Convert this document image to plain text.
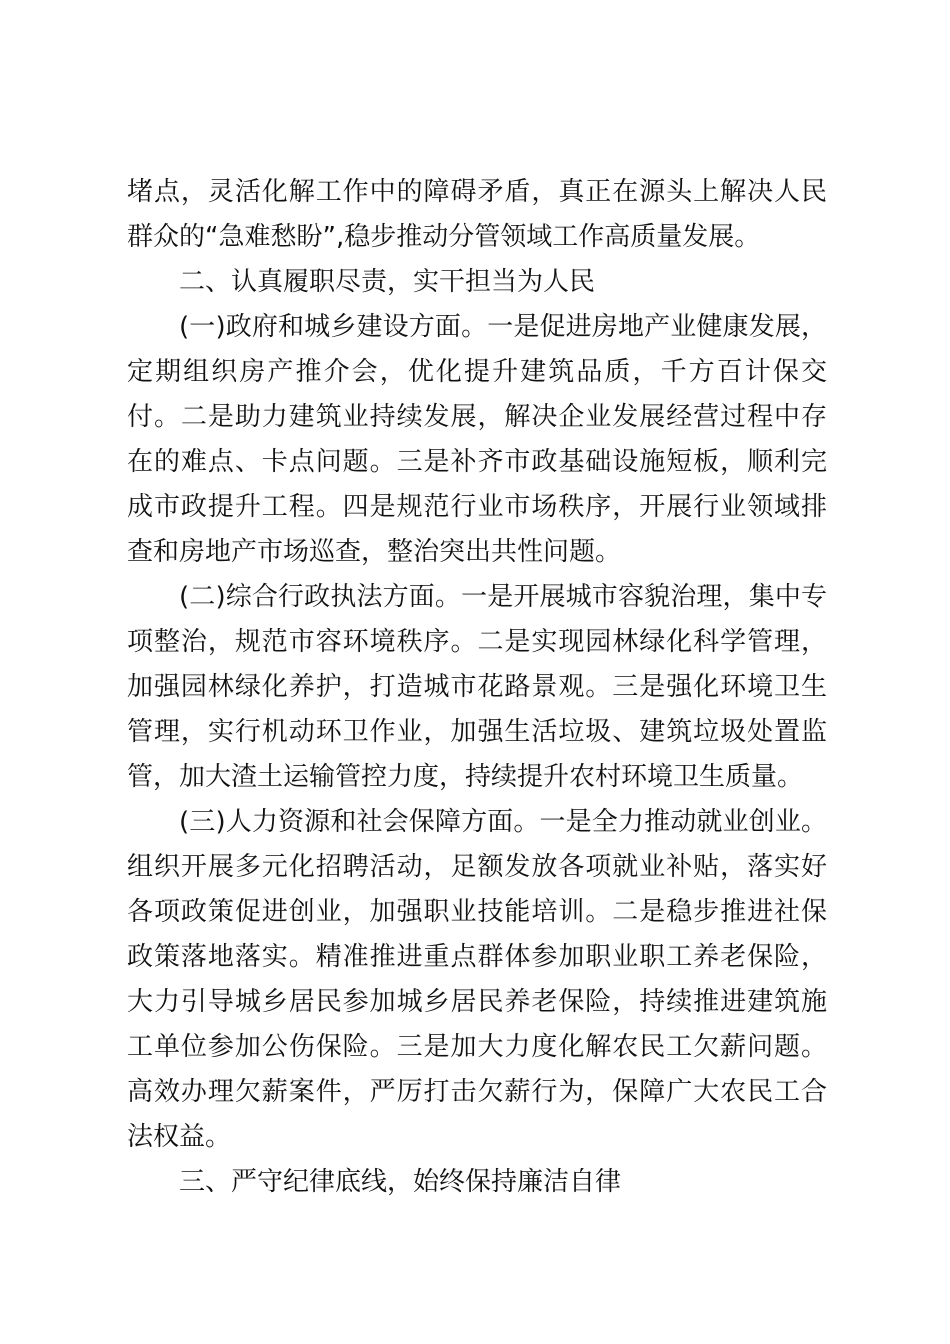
堵点，灵活化解工作中的障碍矛盾，真正在源头上解决人民群众的“急难愁盼”,稳步推动分管领域工作高质量发展。

二、认真履职尽责，实干担当为人民

(一)政府和城乡建设方面。一是促进房地产业健康发展，定期组织房产推介会，优化提升建筑品质，千方百计保交付。二是助力建筑业持续发展，解决企业发展经营过程中存在的难点、卡点问题。三是补齐市政基础设施短板，顺利完成市政提升工程。四是规范行业市场秩序，开展行业领域排查和房地产市场巡查，整治突出共性问题。

(二)综合行政执法方面。一是开展城市容貌治理，集中专项整治，规范市容环境秩序。二是实现园林绿化科学管理，加强园林绿化养护，打造城市花路景观。三是强化环境卫生管理，实行机动环卫作业，加强生活垃圾、建筑垃圾处置监管，加大渣土运输管控力度，持续提升农村环境卫生质量。

(三)人力资源和社会保障方面。一是全力推动就业创业。组织开展多元化招聘活动，足额发放各项就业补贴，落实好各项政策促进创业，加强职业技能培训。二是稳步推进社保政策落地落实。精准推进重点群体参加职业职工养老保险，大力引导城乡居民参加城乡居民养老保险，持续推进建筑施工单位参加公伤保险。三是加大力度化解农民工欠薪问题。高效办理欠薪案件，严厉打击欠薪行为，保障广大农民工合法权益。

三、严守纪律底线，始终保持廉洁自律
